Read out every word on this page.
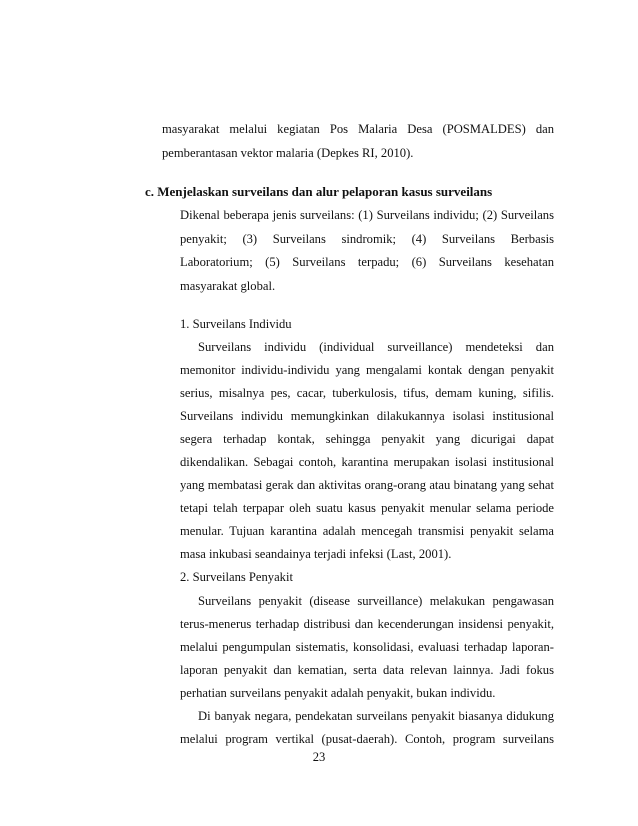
masyarakat melalui kegiatan Pos Malaria Desa (POSMALDES) dan
pemberantasan vektor malaria (Depkes RI, 2010).
c. Menjelaskan surveilans dan alur pelaporan kasus surveilans
Dikenal beberapa jenis surveilans: (1) Surveilans individu; (2) Surveilans
penyakit; (3) Surveilans sindromik; (4) Surveilans Berbasis
Laboratorium; (5) Surveilans terpadu; (6) Surveilans kesehatan
masyarakat global.
1. Surveilans Individu
Surveilans individu (individual surveillance) mendeteksi dan
memonitor individu-individu yang mengalami kontak dengan penyakit
serius, misalnya pes, cacar, tuberkulosis, tifus, demam kuning, sifilis.
Surveilans individu memungkinkan dilakukannya isolasi institusional
segera terhadap kontak, sehingga penyakit yang dicurigai dapat
dikendalikan. Sebagai contoh, karantina merupakan isolasi institusional
yang membatasi gerak dan aktivitas orang-orang atau binatang yang sehat
tetapi telah terpapar oleh suatu kasus penyakit menular selama periode
menular. Tujuan karantina adalah mencegah transmisi penyakit selama
masa inkubasi seandainya terjadi infeksi (Last, 2001).
2. Surveilans Penyakit
Surveilans penyakit (disease surveillance) melakukan pengawasan
terus-menerus terhadap distribusi dan kecenderungan insidensi penyakit,
melalui pengumpulan sistematis, konsolidasi, evaluasi terhadap laporan-
laporan penyakit dan kematian, serta data relevan lainnya. Jadi fokus
perhatian surveilans penyakit adalah penyakit, bukan individu.
Di banyak negara, pendekatan surveilans penyakit biasanya didukung
melalui program vertikal (pusat-daerah). Contoh, program surveilans
23
